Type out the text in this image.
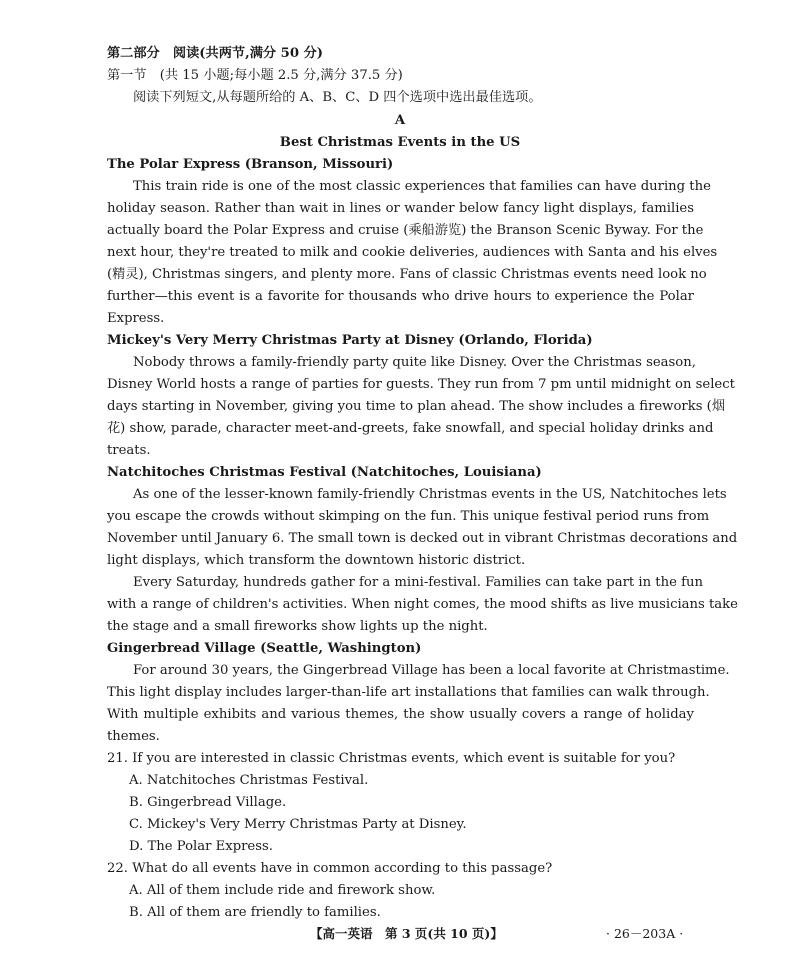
第二部分　阅读(共两节,满分 50 分)
第一节　(共 15 小题;每小题 2.5 分,满分 37.5 分)
阅读下列短文,从每题所给的 A、B、C、D 四个选项中选出最佳选项。
A
Best Christmas Events in the US
The Polar Express (Branson, Missouri)
This train ride is one of the most classic experiences that families can have during the
holiday season. Rather than wait in lines or wander below fancy light displays, families
actually board the Polar Express and cruise (乘船游览) the Branson Scenic Byway. For the
next hour, they're treated to milk and cookie deliveries, audiences with Santa and his elves
(精灵), Christmas singers, and plenty more. Fans of classic Christmas events need look no
further—this event is a favorite for thousands who drive hours to experience the Polar
Express.
Mickey's Very Merry Christmas Party at Disney (Orlando, Florida)
Nobody throws a family-friendly party quite like Disney. Over the Christmas season,
Disney World hosts a range of parties for guests. They run from 7 pm until midnight on select
days starting in November, giving you time to plan ahead. The show includes a fireworks (烟
花) show, parade, character meet-and-greets, fake snowfall, and special holiday drinks and
treats.
Natchitoches Christmas Festival (Natchitoches, Louisiana)
As one of the lesser-known family-friendly Christmas events in the US, Natchitoches lets
you escape the crowds without skimping on the fun. This unique festival period runs from
November until January 6. The small town is decked out in vibrant Christmas decorations and
light displays, which transform the downtown historic district.
Every Saturday, hundreds gather for a mini-festival. Families can take part in the fun
with a range of children's activities. When night comes, the mood shifts as live musicians take
the stage and a small fireworks show lights up the night.
Gingerbread Village (Seattle, Washington)
For around 30 years, the Gingerbread Village has been a local favorite at Christmastime.
This light display includes larger-than-life art installations that families can walk through.
With multiple exhibits and various themes, the show usually covers a range of holiday
themes.
21. If you are interested in classic Christmas events, which event is suitable for you?
A. Natchitoches Christmas Festival.
B. Gingerbread Village.
C. Mickey's Very Merry Christmas Party at Disney.
D. The Polar Express.
22. What do all events have in common according to this passage?
A. All of them include ride and firework show.
B. All of them are friendly to families.
【高一英语　第 3 页(共 10 页)】	· 26－203A ·
